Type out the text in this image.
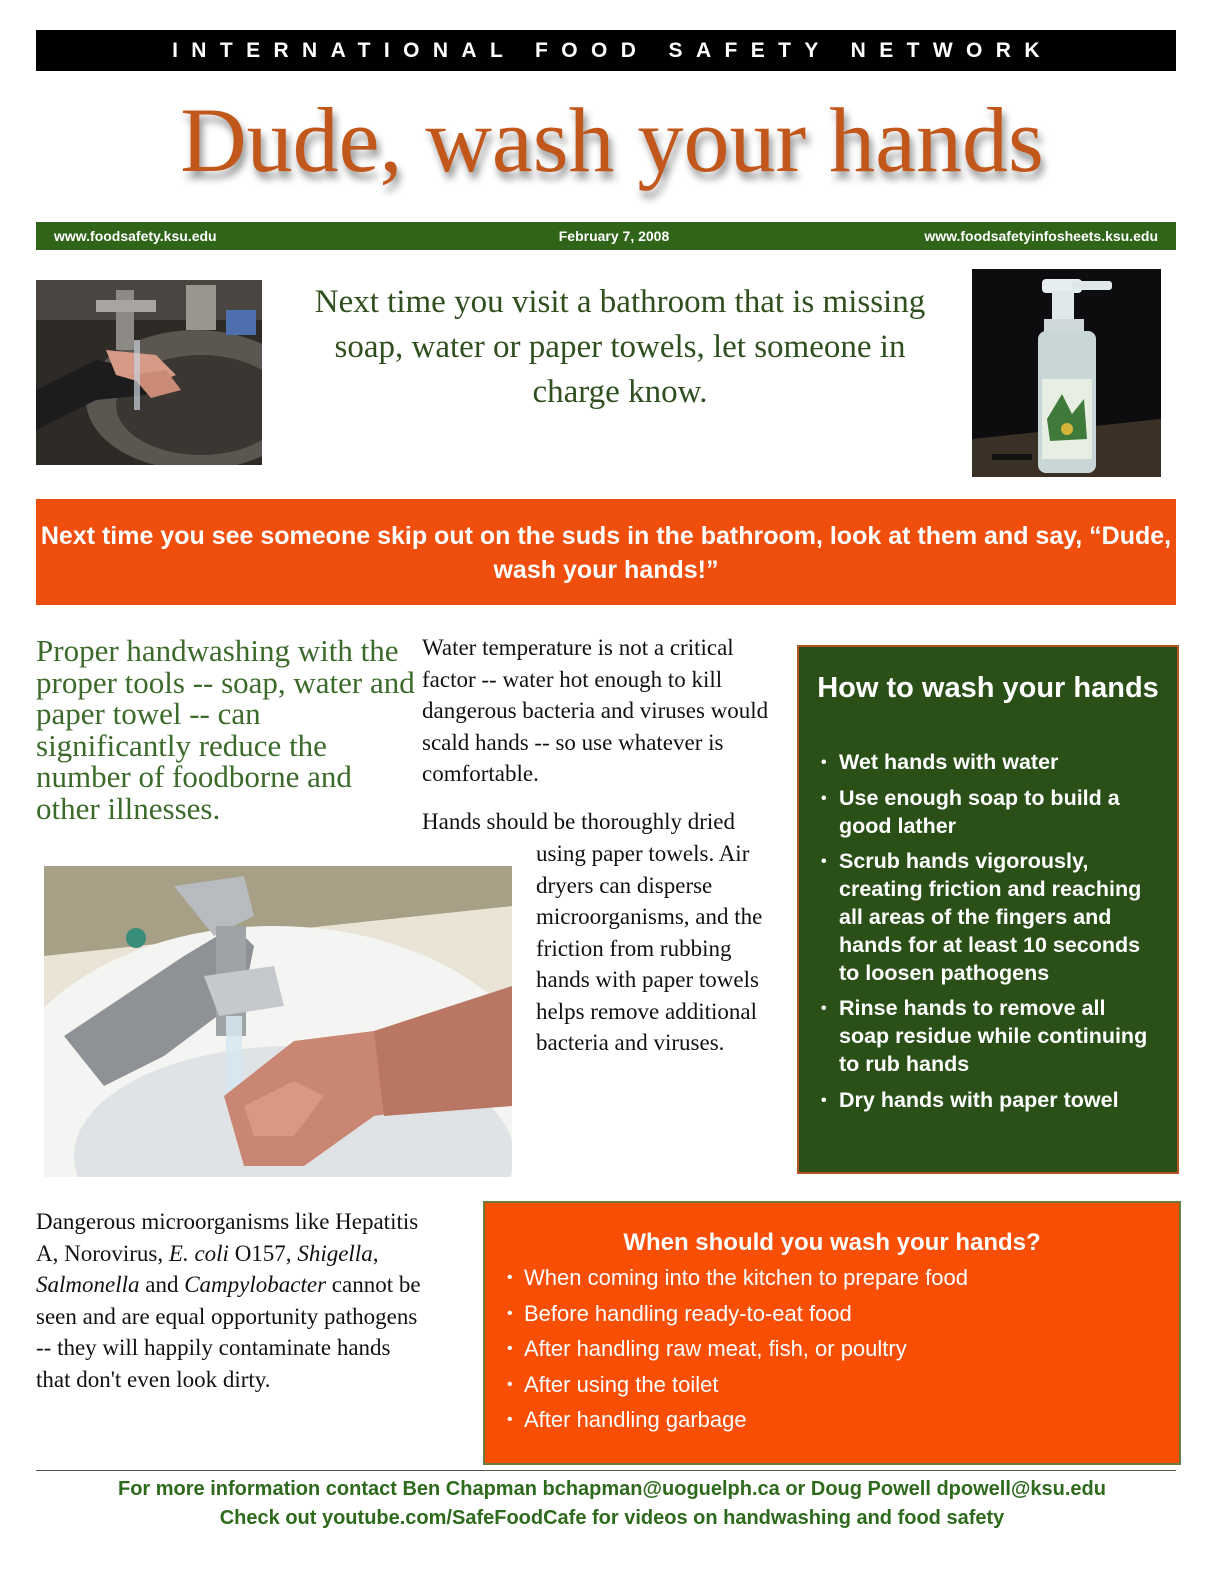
INTERNATIONAL FOOD SAFETY NETWORK
Dude, wash your hands
www.foodsafety.ksu.edu	February 7, 2008	www.foodsafetyinfosheets.ksu.edu
Next time you visit a bathroom that is missing soap, water or paper towels, let someone in charge know.
Next time you see someone skip out on the suds in the bathroom, look at them and say, “Dude, wash your hands!”
Proper handwashing with the proper tools -- soap, water and paper towel -- can significantly reduce the number of foodborne and other illnesses.
Water temperature is not a critical factor -- water hot enough to kill dangerous bacteria and viruses would scald hands -- so use whatever is comfortable.
Hands should be thoroughly dried
using paper towels. Air dryers can disperse microorganisms, and the friction from rubbing hands with paper towels helps remove additional bacteria and viruses.
Dangerous microorganisms like Hepatitis A, Norovirus, E. coli O157, Shigella, Salmonella and Campylobacter cannot be seen and are equal opportunity pathogens -- they will happily contaminate hands that don't even look dirty.
How to wash your hands
• Wet hands with water
• Use enough soap to build a good lather
• Scrub hands vigorously, creating friction and reaching all areas of the fingers and hands for at least 10 seconds to loosen pathogens
• Rinse hands to remove all soap residue while continuing to rub hands
• Dry hands with paper towel
When should you wash your hands?
• When coming into the kitchen to prepare food
• Before handling ready-to-eat food
• After handling raw meat, fish, or poultry
• After using the toilet
• After handling garbage
For more information contact Ben Chapman bchapman@uoguelph.ca or Doug Powell dpowell@ksu.edu
Check out youtube.com/SafeFoodCafe for videos on handwashing and food safety
